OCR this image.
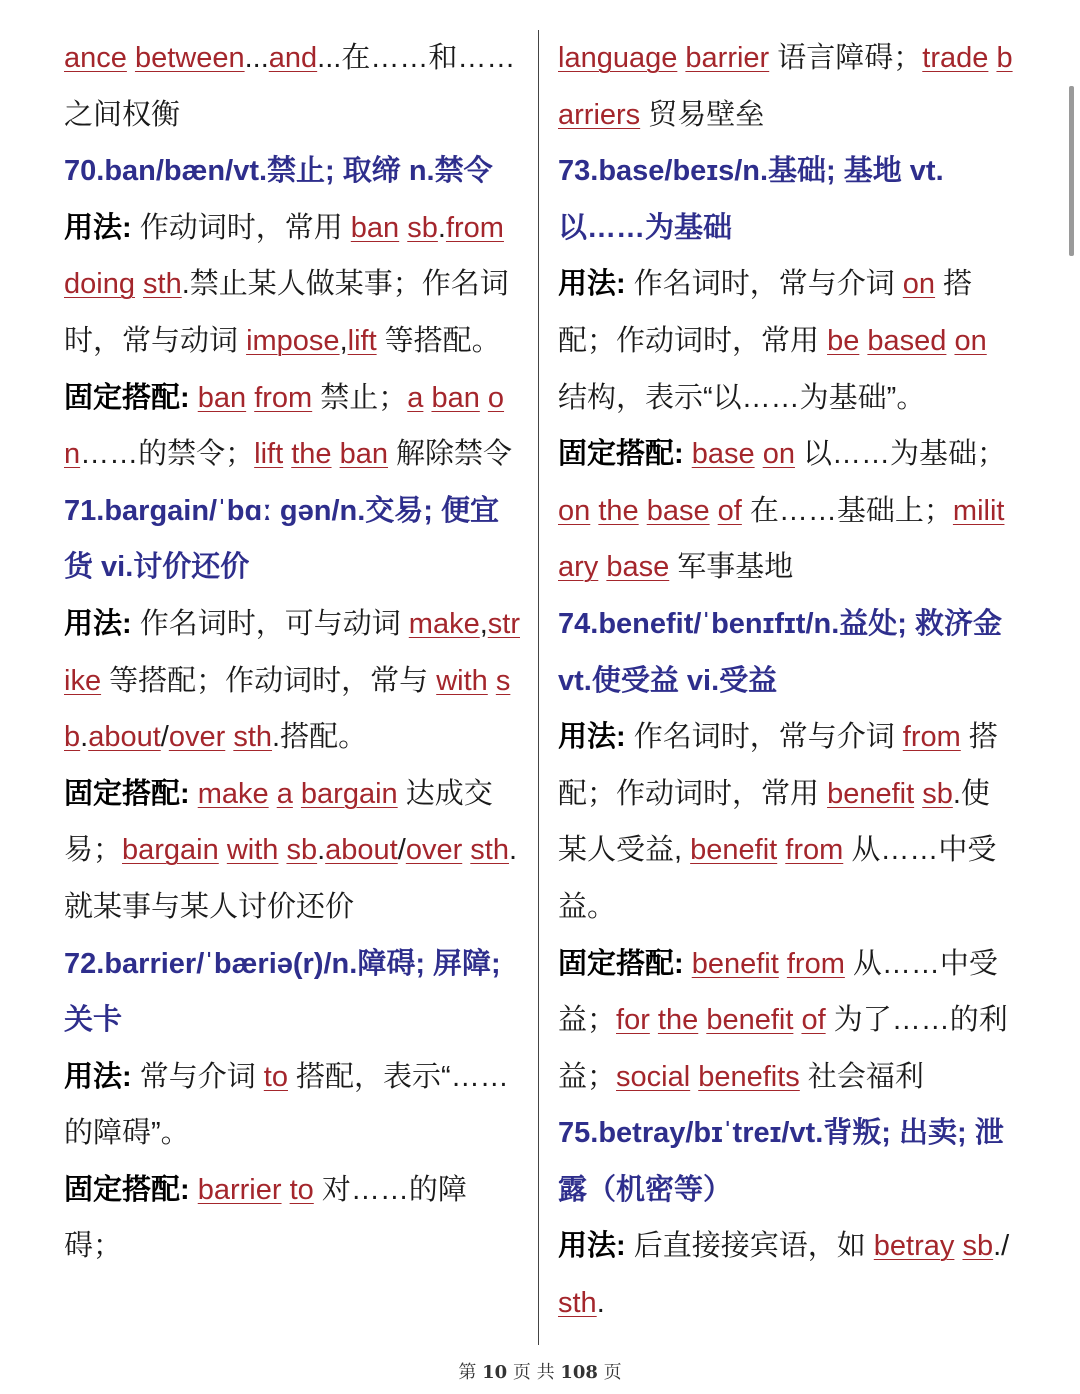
ance between...and...在……和……之间权衡

70.ban/bæn/vt.禁止; 取缔 n.禁令

用法: 作动词时，常用 ban sb.from doing sth.禁止某人做某事；作名词时，常与动词 impose,lift 等搭配。

固定搭配: ban from 禁止；a ban on……的禁令；lift the ban 解除禁令

71.bargain/ˈbɑː gən/n.交易; 便宜货 vi.讨价还价

用法: 作名词时，可与动词 make,strike 等搭配；作动词时，常与 with sb.about/over sth.搭配。

固定搭配: make a bargain 达成交易；bargain with sb.about/over sth.就某事与某人讨价还价

72.barrier/ˈbæriə(r)/n.障碍; 屏障; 关卡

用法: 常与介词 to 搭配，表示“……的障碍”。

固定搭配: barrier to 对……的障碍；

language barrier 语言障碍；trade barriers 贸易壁垒

73.base/beɪs/n.基础; 基地 vt.以……为基础

用法: 作名词时，常与介词 on 搭配；作动词时，常用 be based on 结构，表示“以……为基础”。

固定搭配: base on 以……为基础；on the base of 在……基础上；military base 军事基地

74.benefit/ˈbenɪfɪt/n.益处; 救济金 vt.使受益 vi.受益

用法: 作名词时，常与介词 from 搭配；作动词时，常用 benefit sb.使某人受益, benefit from 从……中受益。

固定搭配: benefit from 从……中受益；for the benefit of 为了……的利益；social benefits 社会福利

75.betray/bɪˈtreɪ/vt.背叛; 出卖; 泄露（机密等）

用法: 后直接接宾语，如 betray sb./sth.

第 10 页 共 108 页
